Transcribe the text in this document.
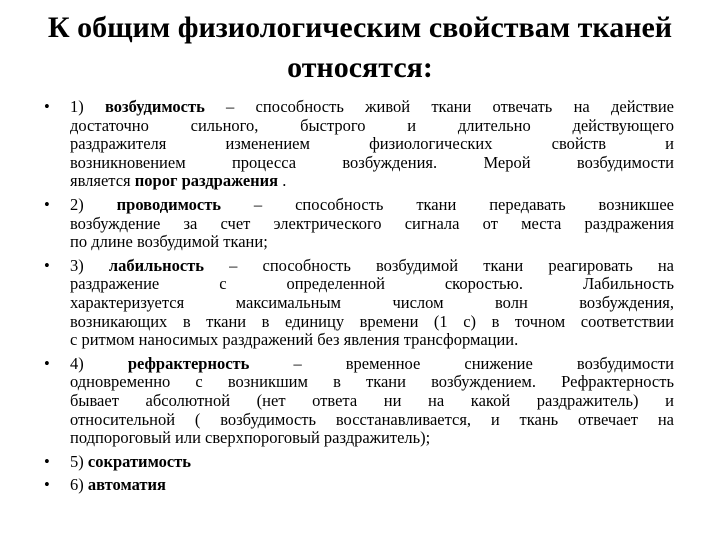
К общим физиологическим свойствам тканей
относятся:
• 1) возбудимость – способность живой ткани отвечать на действие
достаточно сильного, быстрого и длительно действующего
раздражителя изменением физиологических свойств и
возникновением процесса возбуждения. Мерой возбудимости
является порог раздражения .
• 2) проводимость – способность ткани передавать возникшее
возбуждение за счет электрического сигнала от места раздражения
по длине возбудимой ткани;
• 3) лабильность – способность возбудимой ткани реагировать на
раздражение с определенной скоростью. Лабильность
характеризуется максимальным числом волн возбуждения,
возникающих в ткани в единицу времени (1 с) в точном соответствии
с ритмом наносимых раздражений без явления трансформации.
• 4) рефрактерность – временное снижение возбудимости
одновременно с возникшим в ткани возбуждением. Рефрактерность
бывает абсолютной (нет ответа ни на какой раздражитель) и
относительной ( возбудимость восстанавливается, и ткань отвечает на
подпороговый или сверхпороговый раздражитель);
• 5) сократимость
• 6) автоматия
